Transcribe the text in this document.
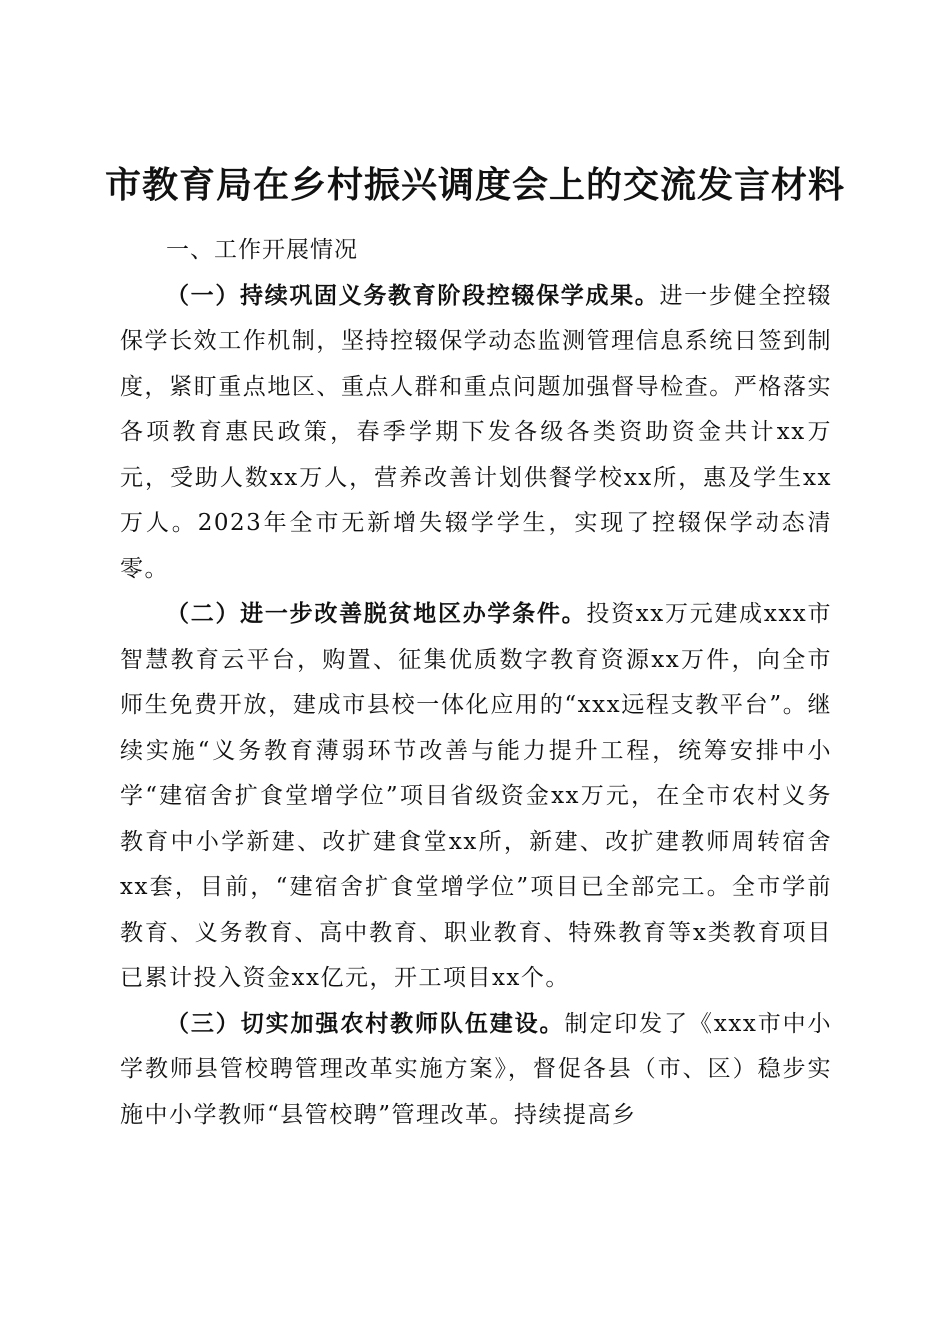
市教育局在乡村振兴调度会上的交流发言材料
一、工作开展情况

（一）持续巩固义务教育阶段控辍保学成果。进一步健全控辍保学长效工作机制，坚持控辍保学动态监测管理信息系统日签到制度，紧盯重点地区、重点人群和重点问题加强督导检查。严格落实各项教育惠民政策，春季学期下发各级各类资助资金共计xx万元，受助人数xx万人，营养改善计划供餐学校xx所，惠及学生xx万人。2023年全市无新增失辍学学生，实现了控辍保学动态清零。

（二）进一步改善脱贫地区办学条件。投资xx万元建成xxx市智慧教育云平台，购置、征集优质数字教育资源xx万件，向全市师生免费开放，建成市县校一体化应用的“xxx远程支教平台”。继续实施“义务教育薄弱环节改善与能力提升工程，统筹安排中小学“建宿舍扩食堂增学位”项目省级资金xx万元，在全市农村义务教育中小学新建、改扩建食堂xx所，新建、改扩建教师周转宿舍xx套，目前，“建宿舍扩食堂增学位”项目已全部完工。全市学前教育、义务教育、高中教育、职业教育、特殊教育等x类教育项目已累计投入资金xx亿元，开工项目xx个。

（三）切实加强农村教师队伍建设。制定印发了《xxx市中小学教师县管校聘管理改革实施方案》，督促各县（市、区）稳步实施中小学教师“县管校聘”管理改革。持续提高乡
